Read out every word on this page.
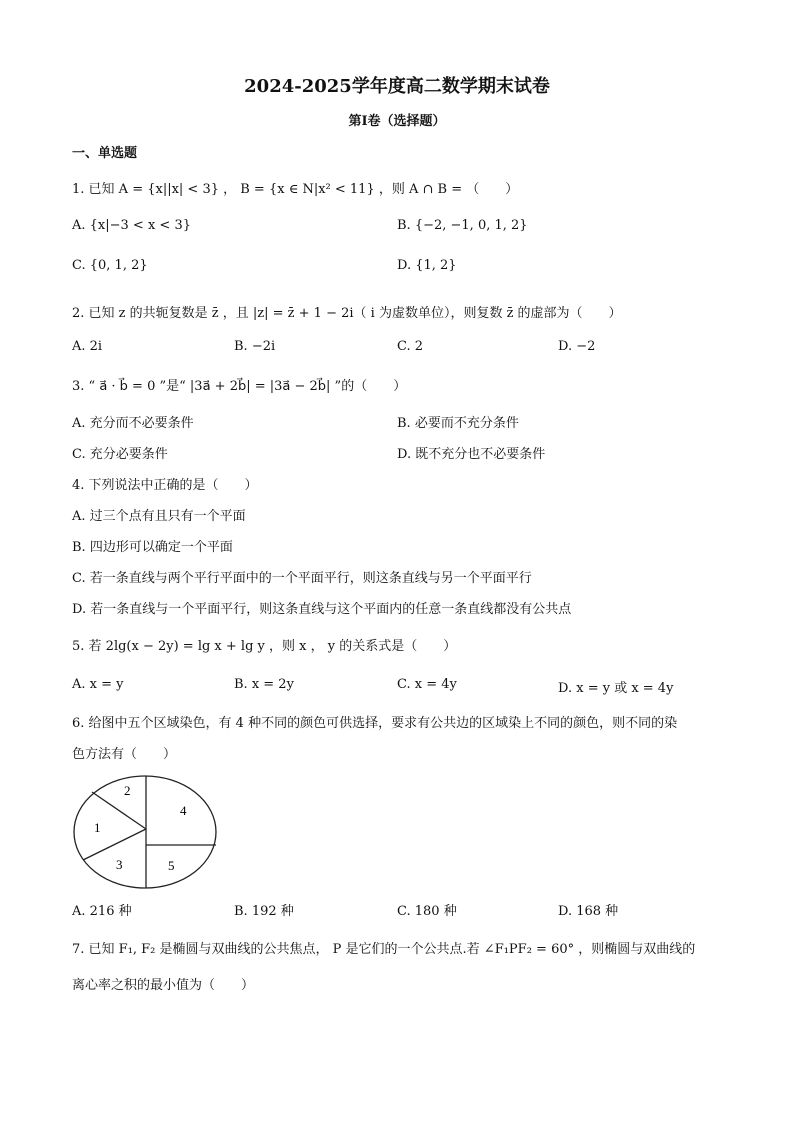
2024-2025学年度高二数学期末试卷
第I卷（选择题）
一、单选题
1. 已知 A = {x||x| < 3} ， B = {x ∈ N|x² < 11} ，则 A ∩ B = （　　）
A. {x|−3 < x < 3}	B. {−2, −1, 0, 1, 2}
C. {0, 1, 2}	D. {1, 2}
2. 已知 z 的共轭复数是 z̄ ，且 |z| = z̄ + 1 − 2i（ i 为虚数单位），则复数 z̄ 的虚部为（　　）
A. 2i	B. −2i	C. 2	D. −2
3. “ a⃗ · b⃗ = 0 ”是“ |3a⃗ + 2b⃗| = |3a⃗ − 2b⃗| ”的（　　）
A. 充分而不必要条件	B. 必要而不充分条件
C. 充分必要条件	D. 既不充分也不必要条件
4. 下列说法中正确的是（　　）
A. 过三个点有且只有一个平面
B. 四边形可以确定一个平面
C. 若一条直线与两个平行平面中的一个平面平行，则这条直线与另一个平面平行
D. 若一条直线与一个平面平行，则这条直线与这个平面内的任意一条直线都没有公共点
5. 若 2lg(x − 2y) = lg x + lg y ，则 x ， y 的关系式是（　　）
A. x = y	B. x = 2y	C. x = 4y	D. x = y 或 x = 4y
6. 给图中五个区域染色，有 4 种不同的颜色可供选择，要求有公共边的区域染上不同的颜色，则不同的染
色方法有（　　）
1
2
3
4
5
A. 216 种	B. 192 种	C. 180 种	D. 168 种
7. 已知 F₁, F₂ 是椭圆与双曲线的公共焦点， P 是它们的一个公共点.若 ∠F₁PF₂ = 60° ，则椭圆与双曲线的
离心率之积的最小值为（　　）
